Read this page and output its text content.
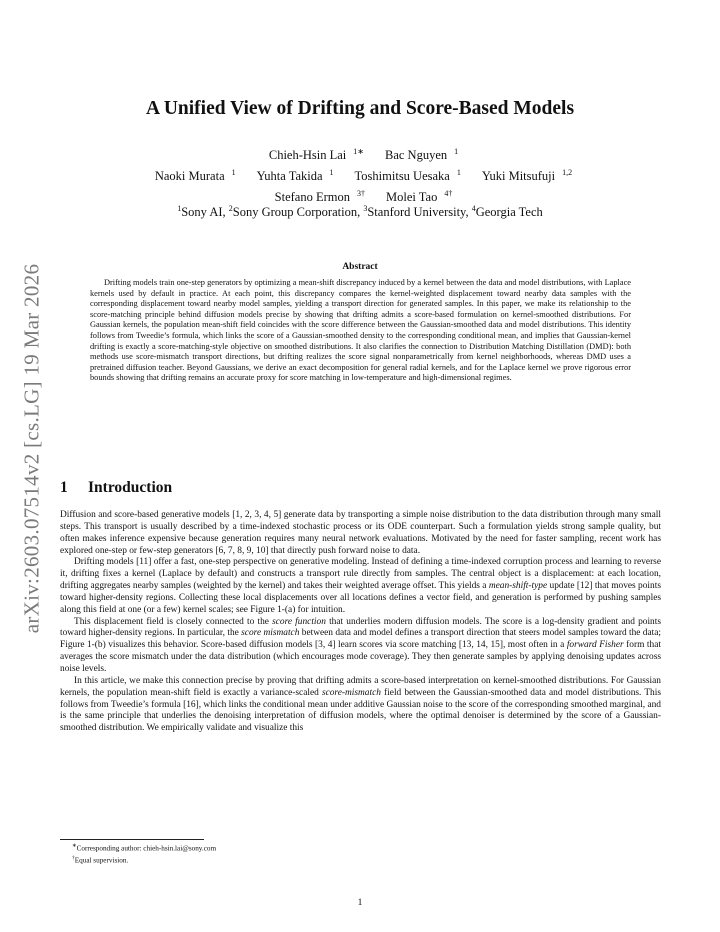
arXiv:2603.07514v2 [cs.LG] 19 Mar 2026
A Unified View of Drifting and Score-Based Models
Chieh-Hsin Lai $^{1∗}$ Bac Nguyen $^1$
Naoki Murata $^1$ Yuhta Takida $^1$ Toshimitsu Uesaka $^1$ Yuki Mitsufuji $^{1,2}$
Stefano Ermon $^{3\dagger}$ Molei Tao $^{4\dagger}$
$^1$Sony AI, $^2$Sony Group Corporation, $^3$Stanford University, $^4$Georgia Tech
Abstract

Drifting models train one-step generators by optimizing a mean-shift discrepancy induced by a kernel between the data and model distributions, with Laplace kernels used by default in practice. At each point, this discrepancy compares the kernel-weighted displacement toward nearby data samples with the corresponding displacement toward nearby model samples, yielding a transport direction for generated samples. In this paper, we make its relationship to the score-matching principle behind diffusion models precise by showing that drifting admits a score-based formulation on kernel-smoothed distributions. For Gaussian kernels, the population mean-shift field coincides with the score difference between the Gaussian-smoothed data and model distributions. This identity follows from Tweedie’s formula, which links the score of a Gaussian-smoothed density to the corresponding conditional mean, and implies that Gaussian-kernel drifting is exactly a score-matching-style objective on smoothed distributions. It also clarifies the connection to Distribution Matching Distillation (DMD): both methods use score-mismatch transport directions, but drifting realizes the score signal nonparametrically from kernel neighborhoods, whereas DMD uses a pretrained diffusion teacher. Beyond Gaussians, we derive an exact decomposition for general radial kernels, and for the Laplace kernel we prove rigorous error bounds showing that drifting remains an accurate proxy for score matching in low-temperature and high-dimensional regimes.

1 Introduction

Diffusion and score-based generative models [1, 2, 3, 4, 5] generate data by transporting a simple noise distribution to the data distribution through many small steps. This transport is usually described by a time-indexed stochastic process or its ODE counterpart. Such a formulation yields strong sample quality, but often makes inference expensive because generation requires many neural network evaluations. Motivated by the need for faster sampling, recent work has explored one-step or few-step generators [6, 7, 8, 9, 10] that directly push forward noise to data.

Drifting models [11] offer a fast, one-step perspective on generative modeling. Instead of defining a time-indexed corruption process and learning to reverse it, drifting fixes a kernel (Laplace by default) and constructs a transport rule directly from samples. The central object is a displacement: at each location, drifting aggregates nearby samples (weighted by the kernel) and takes their weighted average offset. This yields a mean-shift-type update [12] that moves points toward higher-density regions. Collecting these local displacements over all locations defines a vector field, and generation is performed by pushing samples along this field at one (or a few) kernel scales; see Figure 1-(a) for intuition.

This displacement field is closely connected to the score function that underlies modern diffusion models. The score is a log-density gradient and points toward higher-density regions. In particular, the score mismatch between data and model defines a transport direction that steers model samples toward the data; Figure 1-(b) visualizes this behavior. Score-based diffusion models [3, 4] learn scores via score matching [13, 14, 15], most often in a forward Fisher form that averages the score mismatch under the data distribution (which encourages mode coverage). They then generate samples by applying denoising updates across noise levels.

In this article, we make this connection precise by proving that drifting admits a score-based interpretation on kernel-smoothed distributions. For Gaussian kernels, the population mean-shift field is exactly a variance-scaled score-mismatch field between the Gaussian-smoothed data and model distributions. This follows from Tweedie’s formula [16], which links the conditional mean under additive Gaussian noise to the score of the corresponding smoothed marginal, and is the same principle that underlies the denoising interpretation of diffusion models, where the optimal denoiser is determined by the score of a Gaussian-smoothed distribution. We empirically validate and visualize this

∗Corresponding author: chieh-hsin.lai@sony.com
†Equal supervision.
1
